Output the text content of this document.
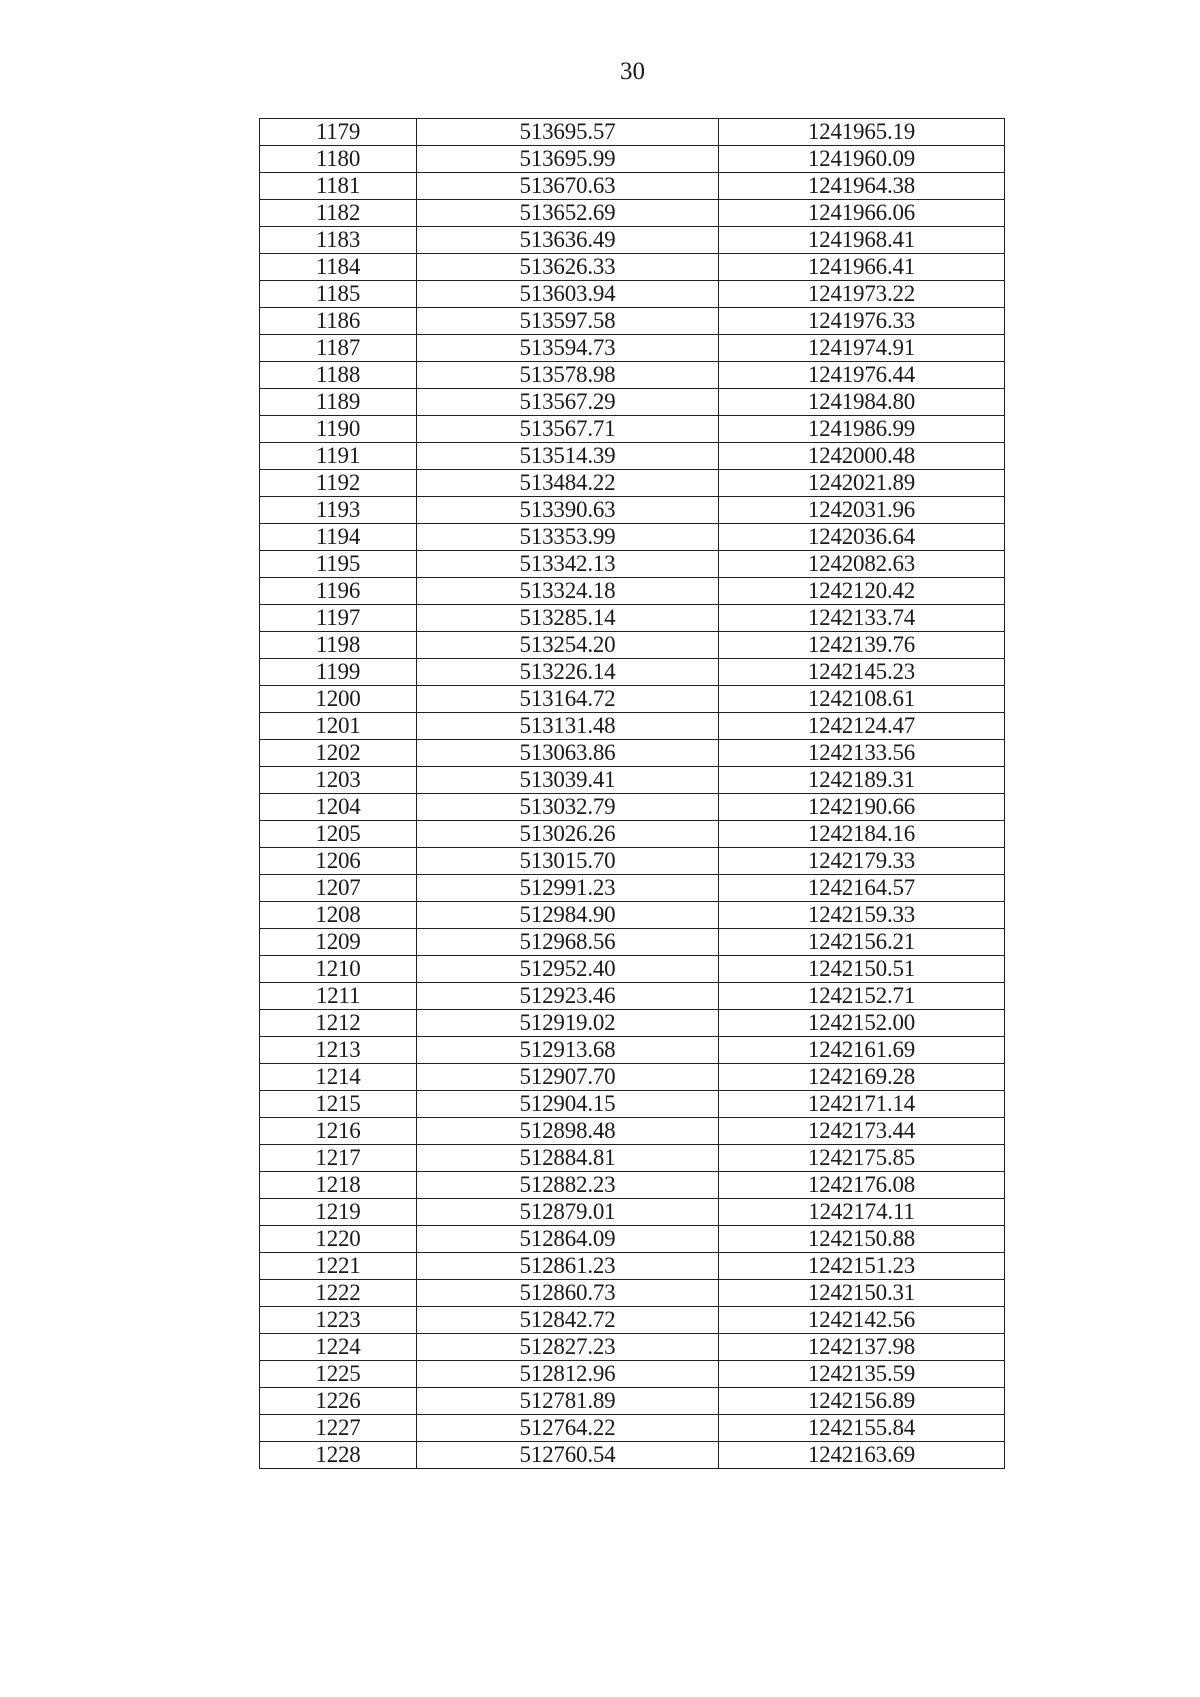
30
1179	513695.57	1241965.19
1180	513695.99	1241960.09
1181	513670.63	1241964.38
1182	513652.69	1241966.06
1183	513636.49	1241968.41
1184	513626.33	1241966.41
1185	513603.94	1241973.22
1186	513597.58	1241976.33
1187	513594.73	1241974.91
1188	513578.98	1241976.44
1189	513567.29	1241984.80
1190	513567.71	1241986.99
1191	513514.39	1242000.48
1192	513484.22	1242021.89
1193	513390.63	1242031.96
1194	513353.99	1242036.64
1195	513342.13	1242082.63
1196	513324.18	1242120.42
1197	513285.14	1242133.74
1198	513254.20	1242139.76
1199	513226.14	1242145.23
1200	513164.72	1242108.61
1201	513131.48	1242124.47
1202	513063.86	1242133.56
1203	513039.41	1242189.31
1204	513032.79	1242190.66
1205	513026.26	1242184.16
1206	513015.70	1242179.33
1207	512991.23	1242164.57
1208	512984.90	1242159.33
1209	512968.56	1242156.21
1210	512952.40	1242150.51
1211	512923.46	1242152.71
1212	512919.02	1242152.00
1213	512913.68	1242161.69
1214	512907.70	1242169.28
1215	512904.15	1242171.14
1216	512898.48	1242173.44
1217	512884.81	1242175.85
1218	512882.23	1242176.08
1219	512879.01	1242174.11
1220	512864.09	1242150.88
1221	512861.23	1242151.23
1222	512860.73	1242150.31
1223	512842.72	1242142.56
1224	512827.23	1242137.98
1225	512812.96	1242135.59
1226	512781.89	1242156.89
1227	512764.22	1242155.84
1228	512760.54	1242163.69
